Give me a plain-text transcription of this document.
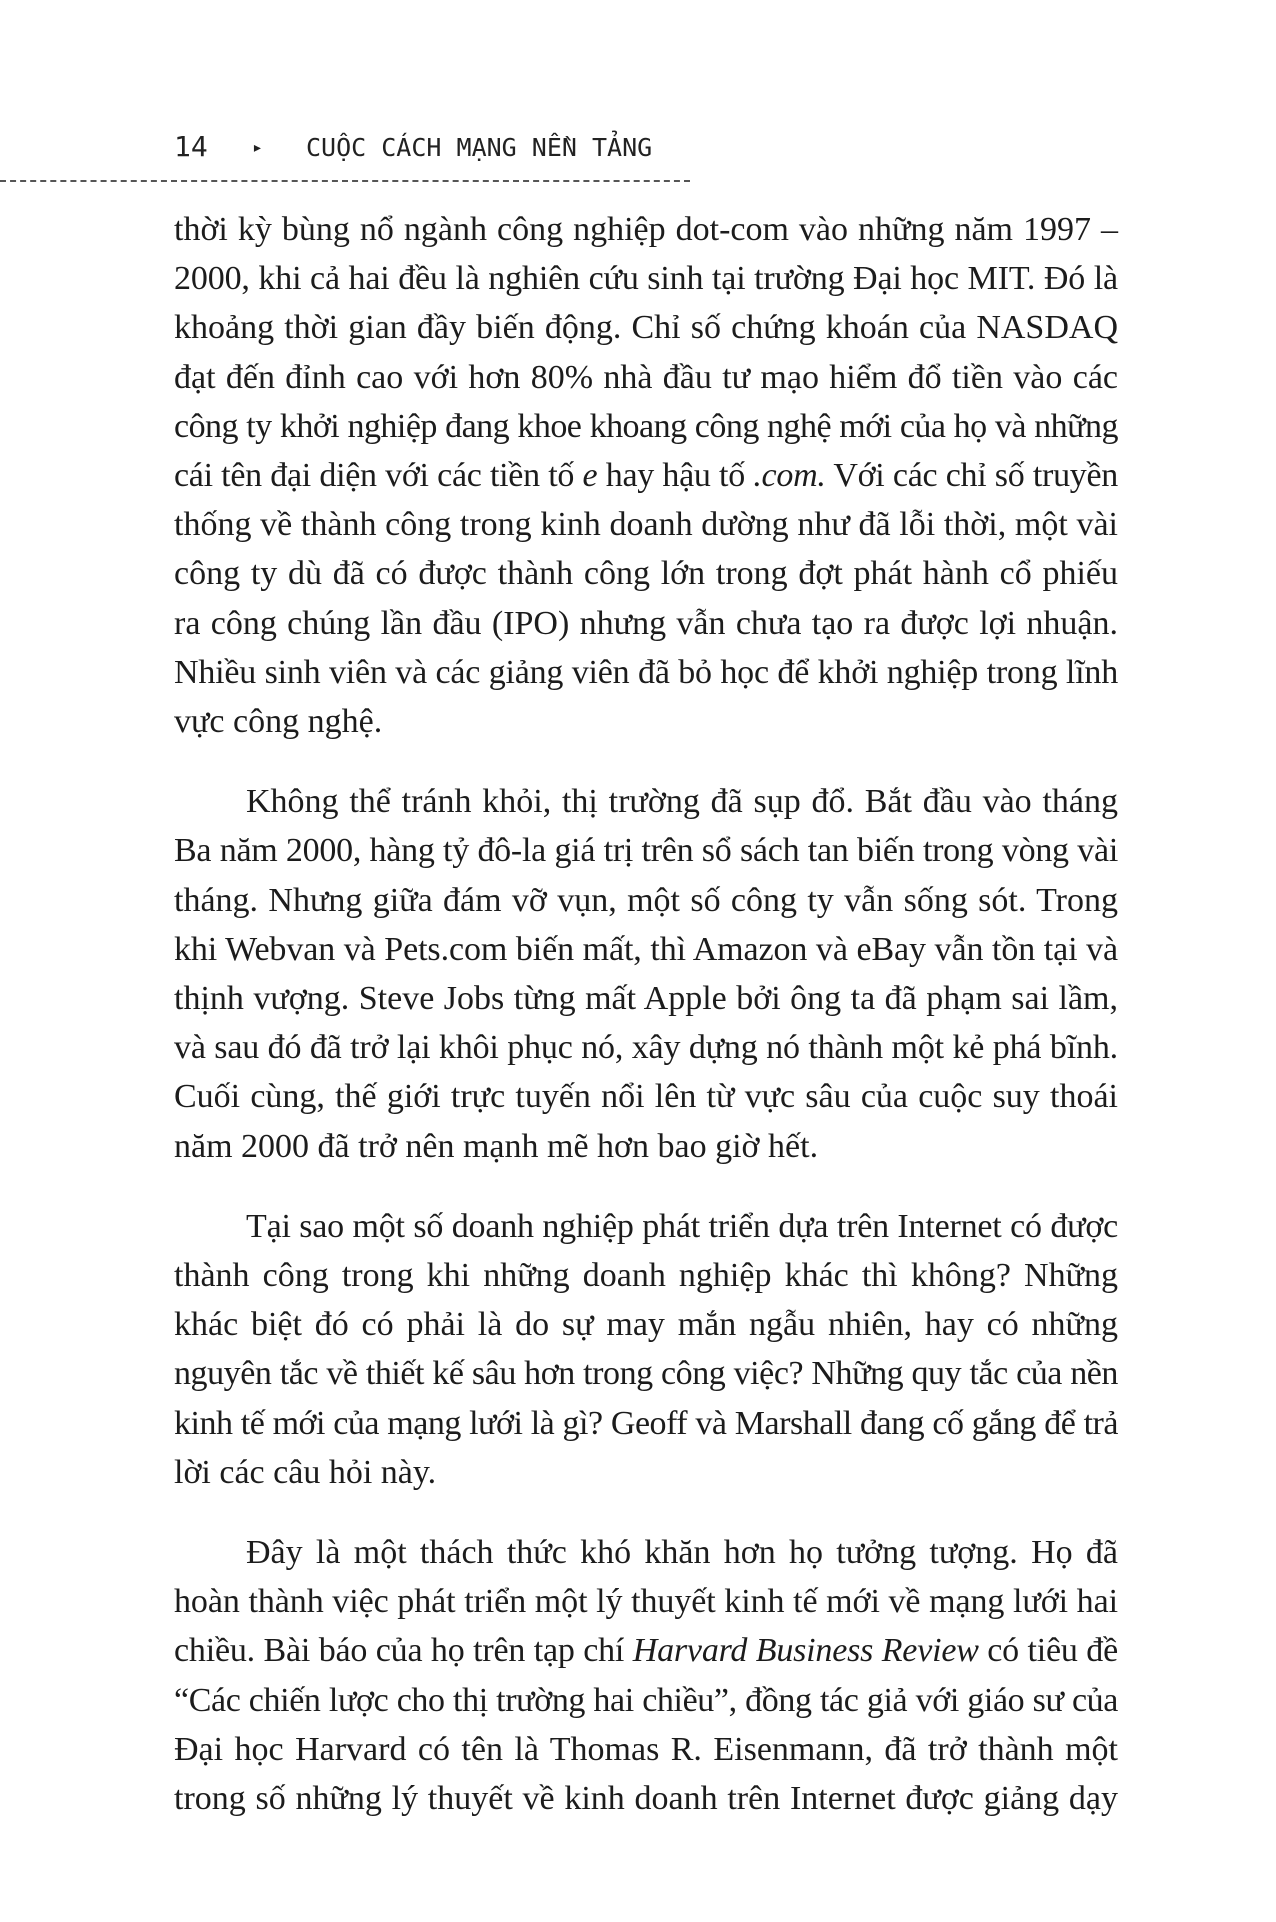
14 ▸ CUỘC CÁCH MẠNG NỀN TẢNG
thời kỳ bùng nổ ngành công nghiệp dot-com vào những năm 1997 –
2000, khi cả hai đều là nghiên cứu sinh tại trường Đại học MIT. Đó là
khoảng thời gian đầy biến động. Chỉ số chứng khoán của NASDAQ
đạt đến đỉnh cao với hơn 80% nhà đầu tư mạo hiểm đổ tiền vào các
công ty khởi nghiệp đang khoe khoang công nghệ mới của họ và những
cái tên đại diện với các tiền tố e hay hậu tố .com. Với các chỉ số truyền
thống về thành công trong kinh doanh dường như đã lỗi thời, một vài
công ty dù đã có được thành công lớn trong đợt phát hành cổ phiếu
ra công chúng lần đầu (IPO) nhưng vẫn chưa tạo ra được lợi nhuận.
Nhiều sinh viên và các giảng viên đã bỏ học để khởi nghiệp trong lĩnh
vực công nghệ.
Không thể tránh khỏi, thị trường đã sụp đổ. Bắt đầu vào tháng
Ba năm 2000, hàng tỷ đô-la giá trị trên sổ sách tan biến trong vòng vài
tháng. Nhưng giữa đám vỡ vụn, một số công ty vẫn sống sót. Trong
khi Webvan và Pets.com biến mất, thì Amazon và eBay vẫn tồn tại và
thịnh vượng. Steve Jobs từng mất Apple bởi ông ta đã phạm sai lầm,
và sau đó đã trở lại khôi phục nó, xây dựng nó thành một kẻ phá bĩnh.
Cuối cùng, thế giới trực tuyến nổi lên từ vực sâu của cuộc suy thoái
năm 2000 đã trở nên mạnh mẽ hơn bao giờ hết.
Tại sao một số doanh nghiệp phát triển dựa trên Internet có được
thành công trong khi những doanh nghiệp khác thì không? Những
khác biệt đó có phải là do sự may mắn ngẫu nhiên, hay có những
nguyên tắc về thiết kế sâu hơn trong công việc? Những quy tắc của nền
kinh tế mới của mạng lưới là gì? Geoff và Marshall đang cố gắng để trả
lời các câu hỏi này.
Đây là một thách thức khó khăn hơn họ tưởng tượng. Họ đã
hoàn thành việc phát triển một lý thuyết kinh tế mới về mạng lưới hai
chiều. Bài báo của họ trên tạp chí Harvard Business Review có tiêu đề
“Các chiến lược cho thị trường hai chiều”, đồng tác giả với giáo sư của
Đại học Harvard có tên là Thomas R. Eisenmann, đã trở thành một
trong số những lý thuyết về kinh doanh trên Internet được giảng dạy
